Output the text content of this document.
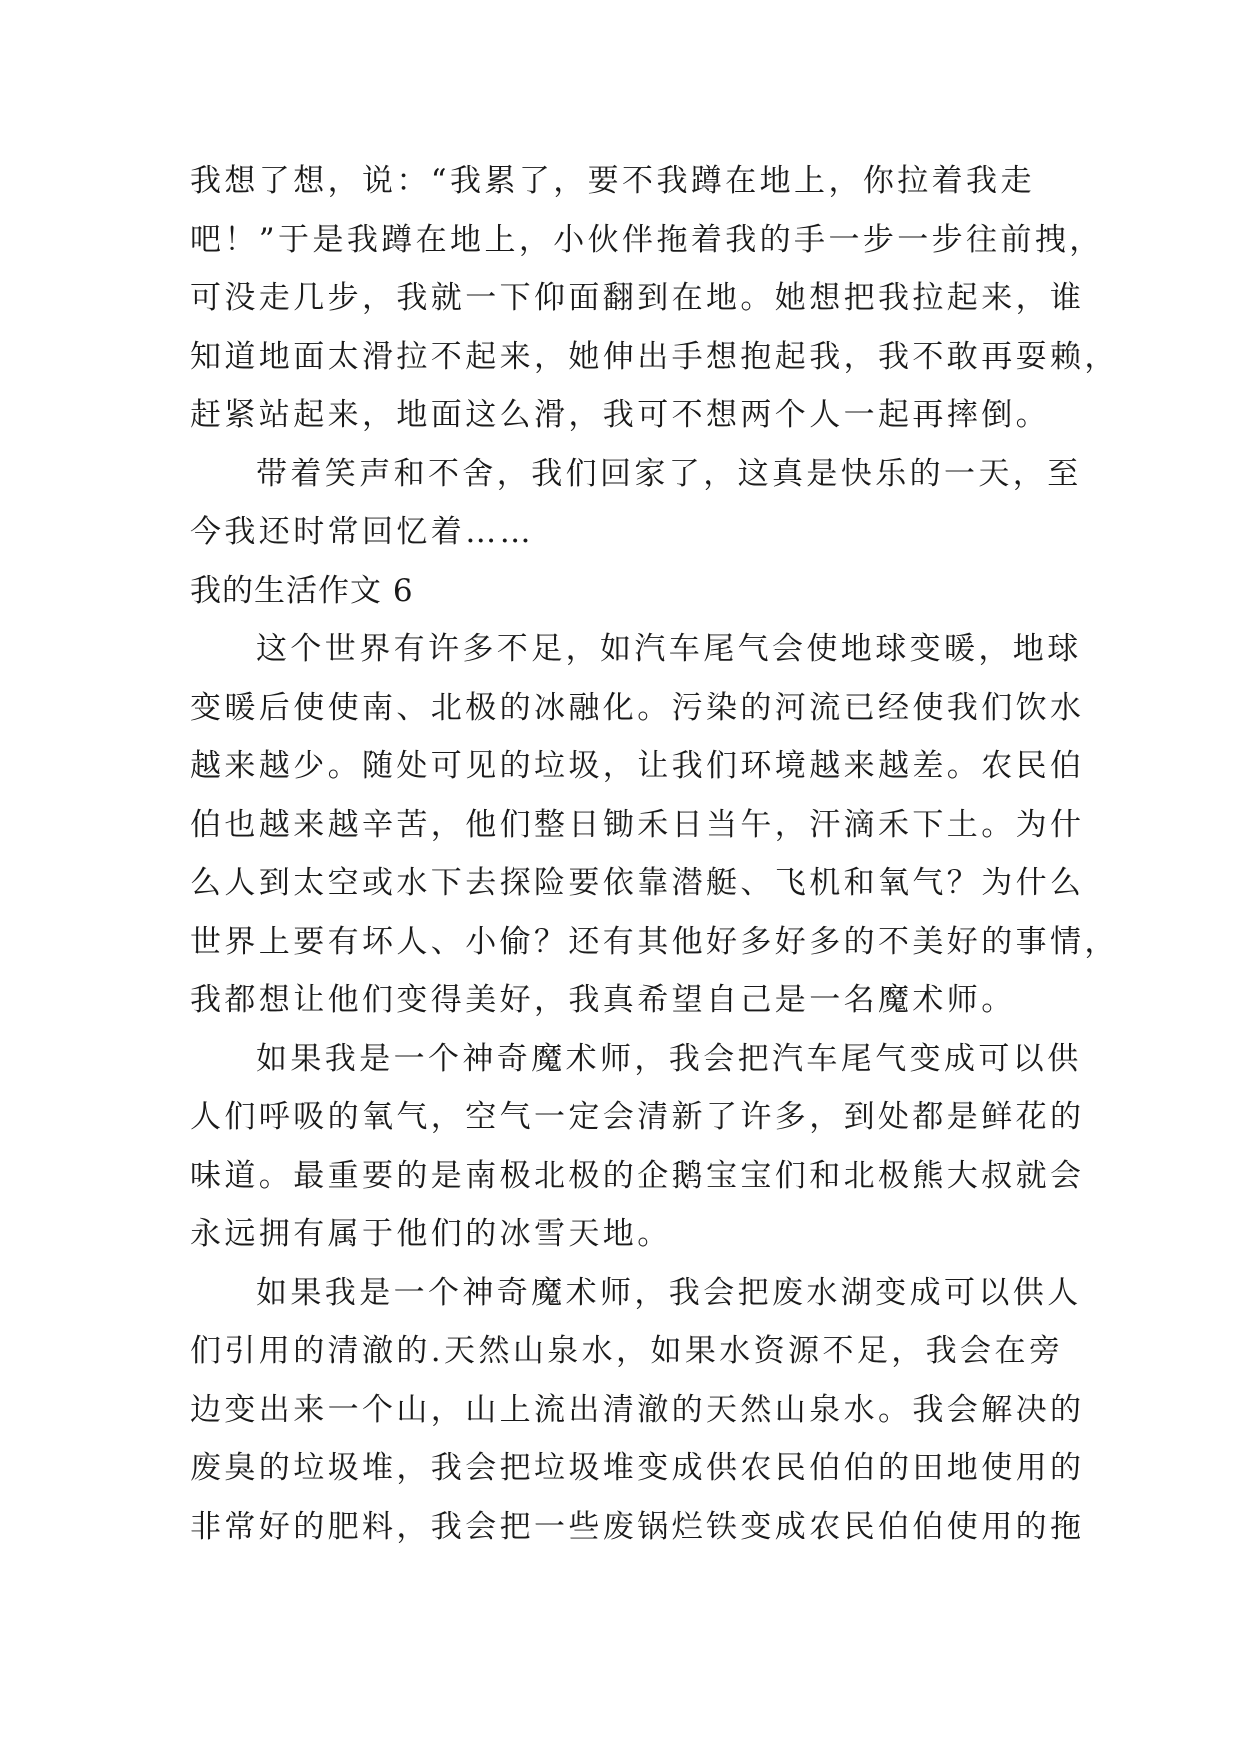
我想了想，说：“我累了，要不我蹲在地上，你拉着我走
吧！”于是我蹲在地上，小伙伴拖着我的手一步一步往前拽，
可没走几步，我就一下仰面翻到在地。她想把我拉起来，谁
知道地面太滑拉不起来，她伸出手想抱起我，我不敢再耍赖，
赶紧站起来，地面这么滑，我可不想两个人一起再摔倒。
带着笑声和不舍，我们回家了，这真是快乐的一天，至
今我还时常回忆着……
我的生活作文 6
这个世界有许多不足，如汽车尾气会使地球变暖，地球
变暖后使使南、北极的冰融化。污染的河流已经使我们饮水
越来越少。随处可见的垃圾，让我们环境越来越差。农民伯
伯也越来越辛苦，他们整日锄禾日当午，汗滴禾下土。为什
么人到太空或水下去探险要依靠潜艇、飞机和氧气？为什么
世界上要有坏人、小偷？还有其他好多好多的不美好的事情，
我都想让他们变得美好，我真希望自己是一名魔术师。
如果我是一个神奇魔术师，我会把汽车尾气变成可以供
人们呼吸的氧气，空气一定会清新了许多，到处都是鲜花的
味道。最重要的是南极北极的企鹅宝宝们和北极熊大叔就会
永远拥有属于他们的冰雪天地。
如果我是一个神奇魔术师，我会把废水湖变成可以供人
们引用的清澈的.天然山泉水，如果水资源不足，我会在旁
边变出来一个山，山上流出清澈的天然山泉水。我会解决的
废臭的垃圾堆，我会把垃圾堆变成供农民伯伯的田地使用的
非常好的肥料，我会把一些废锅烂铁变成农民伯伯使用的拖
